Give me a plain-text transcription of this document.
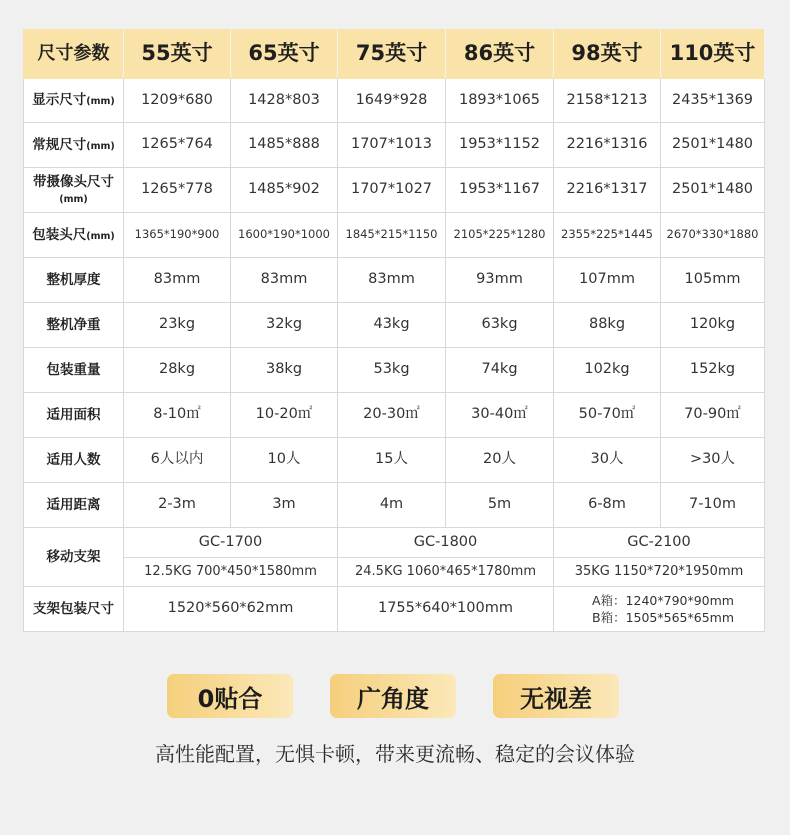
尺寸参数	55英寸	65英寸	75英寸	86英寸	98英寸	110英寸
显示尺寸(mm)	1209*680	1428*803	1649*928	1893*1065	2158*1213	2435*1369
常规尺寸(mm)	1265*764	1485*888	1707*1013	1953*1152	2216*1316	2501*1480
带摄像头尺寸
(mm)	1265*778	1485*902	1707*1027	1953*1167	2216*1317	2501*1480
包装头尺(mm)	1365*190*900	1600*190*1000	1845*215*1150	2105*225*1280	2355*225*1445	2670*330*1880
整机厚度	83mm	83mm	83mm	93mm	107mm	105mm
整机净重	23kg	32kg	43kg	63kg	88kg	120kg
包装重量	28kg	38kg	53kg	74kg	102kg	152kg
适用面积	8-10㎡	10-20㎡	20-30㎡	30-40㎡	50-70㎡	70-90㎡
适用人数	6人以内	10人	15人	20人	30人	>30人
适用距离	2-3m	3m	4m	5m	6-8m	7-10m
移动支架	GC-1700		GC-1800		GC-2100	
	12.5KG 700*450*1580mm		24.5KG 1060*465*1780mm		35KG 1150*720*1950mm	
支架包装尺寸	1520*560*62mm		1755*640*100mm		A箱：1240*790*90mm
B箱：1505*565*65mm	
0贴合	广角度	无视差
高性能配置，无惧卡顿，带来更流畅、稳定的会议体验
